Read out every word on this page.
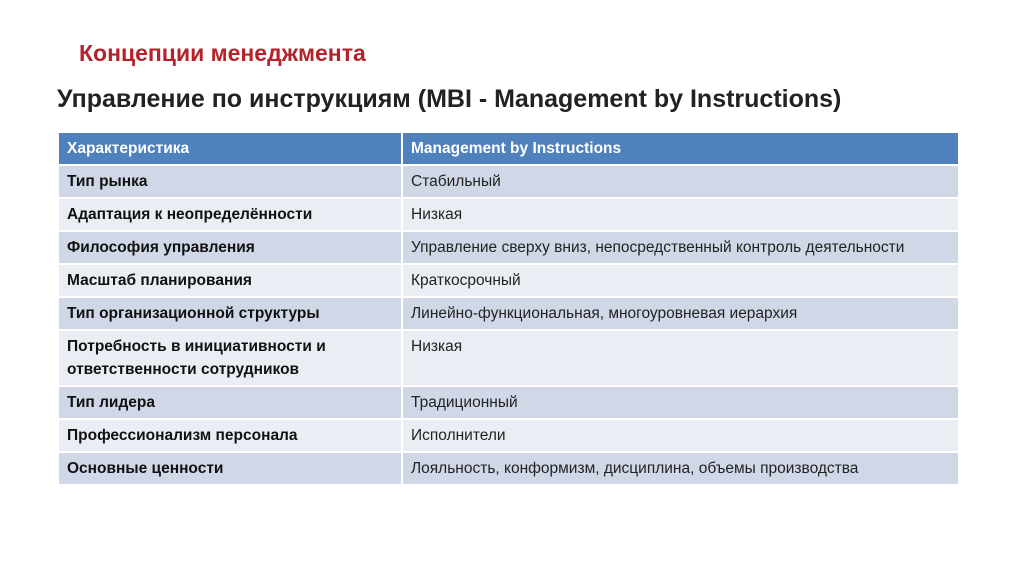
Концепции менеджмента
Управление по инструкциям (MBI - Management by Instructions)
Характеристика	Management by Instructions
Тип рынка	Стабильный
Адаптация к неопределённости	Низкая
Философия управления	Управление сверху вниз, непосредственный контроль деятельности
Масштаб планирования	Краткосрочный
Тип организационной структуры	Линейно-функциональная, многоуровневая иерархия
Потребность в инициативности и ответственности сотрудников	Низкая
Тип лидера	Традиционный
Профессионализм персонала	Исполнители
Основные ценности	Лояльность, конформизм, дисциплина, объемы производства
